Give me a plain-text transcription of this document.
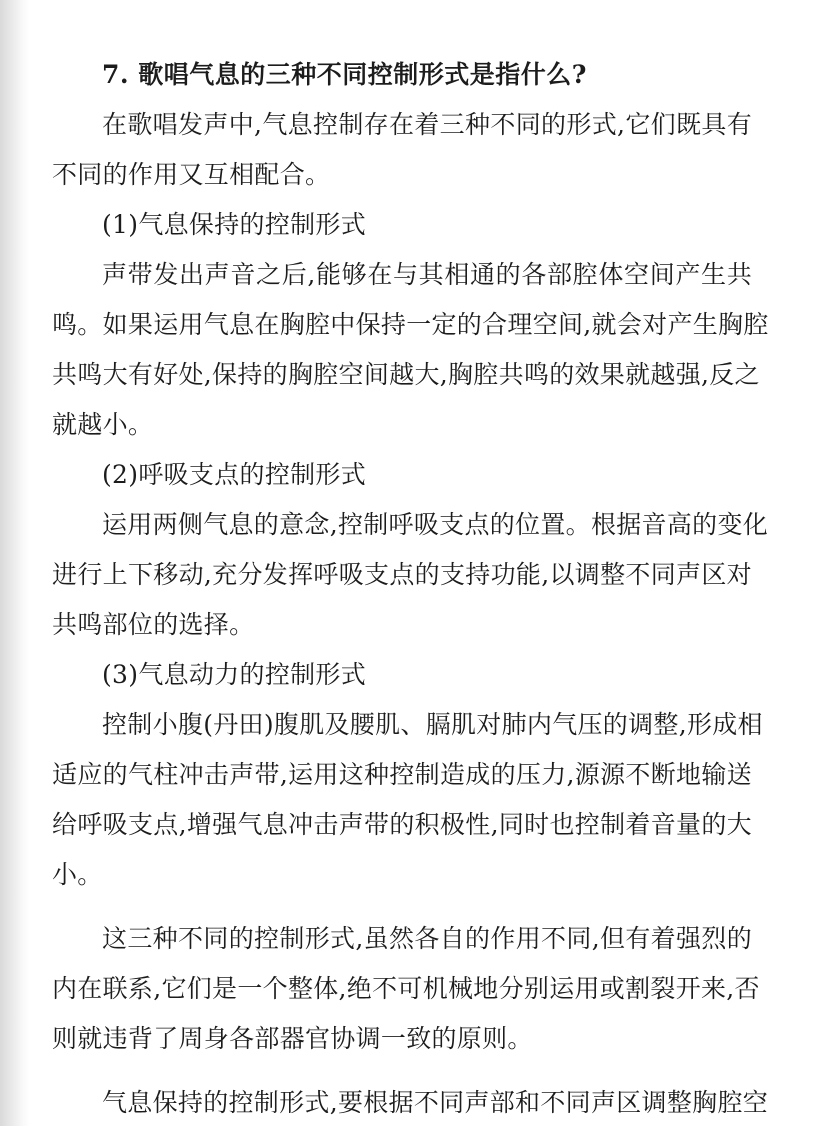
7. 歌唱气息的三种不同控制形式是指什么?
在歌唱发声中,气息控制存在着三种不同的形式,它们既具有
不同的作用又互相配合。
(1)气息保持的控制形式
声带发出声音之后,能够在与其相通的各部腔体空间产生共
鸣。如果运用气息在胸腔中保持一定的合理空间,就会对产生胸腔
共鸣大有好处,保持的胸腔空间越大,胸腔共鸣的效果就越强,反之
就越小。
(2)呼吸支点的控制形式
运用两侧气息的意念,控制呼吸支点的位置。根据音高的变化
进行上下移动,充分发挥呼吸支点的支持功能,以调整不同声区对
共鸣部位的选择。
(3)气息动力的控制形式
控制小腹(丹田)腹肌及腰肌、膈肌对肺内气压的调整,形成相
适应的气柱冲击声带,运用这种控制造成的压力,源源不断地输送
给呼吸支点,增强气息冲击声带的积极性,同时也控制着音量的大
小。
这三种不同的控制形式,虽然各自的作用不同,但有着强烈的
内在联系,它们是一个整体,绝不可机械地分别运用或割裂开来,否
则就违背了周身各部器官协调一致的原则。
气息保持的控制形式,要根据不同声部和不同声区调整胸腔空
